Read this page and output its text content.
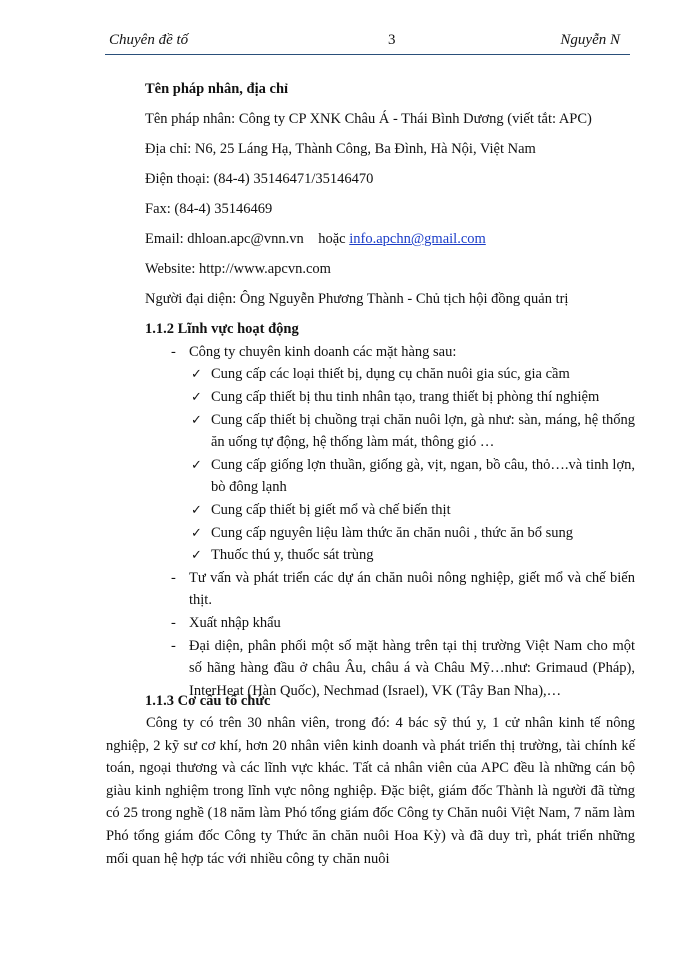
Chuyên đề tố	3	Nguyễn N
Tên pháp nhân, địa chỉ
Tên pháp nhân: Công ty CP XNK Châu Á - Thái Bình Dương (viết tắt: APC)
Địa chỉ: N6, 25 Láng Hạ, Thành Công, Ba Đình, Hà Nội, Việt Nam
Điện thoại: (84-4) 35146471/35146470
Fax: (84-4) 35146469
Email: dhloan.apc@vnn.vn    hoặc info.apchn@gmail.com
Website: http://www.apcvn.com
Người đại diện: Ông Nguyễn Phương Thành - Chủ tịch hội đồng quản trị
1.1.2 Lĩnh vực hoạt động
- Công ty chuyên kinh doanh các mặt hàng sau:
✓ Cung cấp các loại thiết bị, dụng cụ chăn nuôi gia súc, gia cầm
✓ Cung cấp thiết bị thu tinh nhân tạo, trang thiết bị phòng thí nghiệm
✓ Cung cấp thiết bị chuồng trại chăn nuôi lợn, gà như: sàn, máng, hệ thống ăn uống tự động, hệ thống làm mát, thông gió …
✓ Cung cấp giống lợn thuần, giống gà, vịt, ngan, bồ câu, thỏ….và tinh lợn, bò đông lạnh
✓ Cung cấp thiết bị giết mổ và chế biến thịt
✓ Cung cấp nguyên liệu làm thức ăn chăn nuôi , thức ăn bổ sung
✓ Thuốc thú y, thuốc sát trùng
- Tư vấn và phát triển các dự án chăn nuôi nông nghiệp, giết mổ và chế biến thịt.
- Xuất nhập khẩu
- Đại diện, phân phối một số mặt hàng trên tại thị trường Việt Nam cho một số hãng hàng đầu ở châu Âu, châu á và Châu Mỹ…như: Grimaud (Pháp), InterHeat (Hàn Quốc), Nechmad (Israel), VK (Tây Ban Nha),…
1.1.3 Cơ cấu tổ chức
Công ty có trên 30 nhân viên, trong đó: 4 bác sỹ thú y, 1 cử nhân kinh tế nông nghiệp, 2 kỹ sư cơ khí, hơn 20 nhân viên kinh doanh và phát triển thị trường, tài chính kế toán, ngoại thương và các lĩnh vực khác. Tất cả nhân viên của APC đều là những cán bộ giàu kinh nghiệm trong lĩnh vực nông nghiệp. Đặc biệt, giám đốc Thành là người đã từng có 25 trong nghề (18 năm làm Phó tổng giám đốc Công ty Chăn nuôi Việt Nam, 7 năm làm Phó tổng giám đốc Công ty Thức ăn chăn nuôi Hoa Kỳ) và đã duy trì, phát triển những mối quan hệ hợp tác với nhiều công ty chăn nuôi
